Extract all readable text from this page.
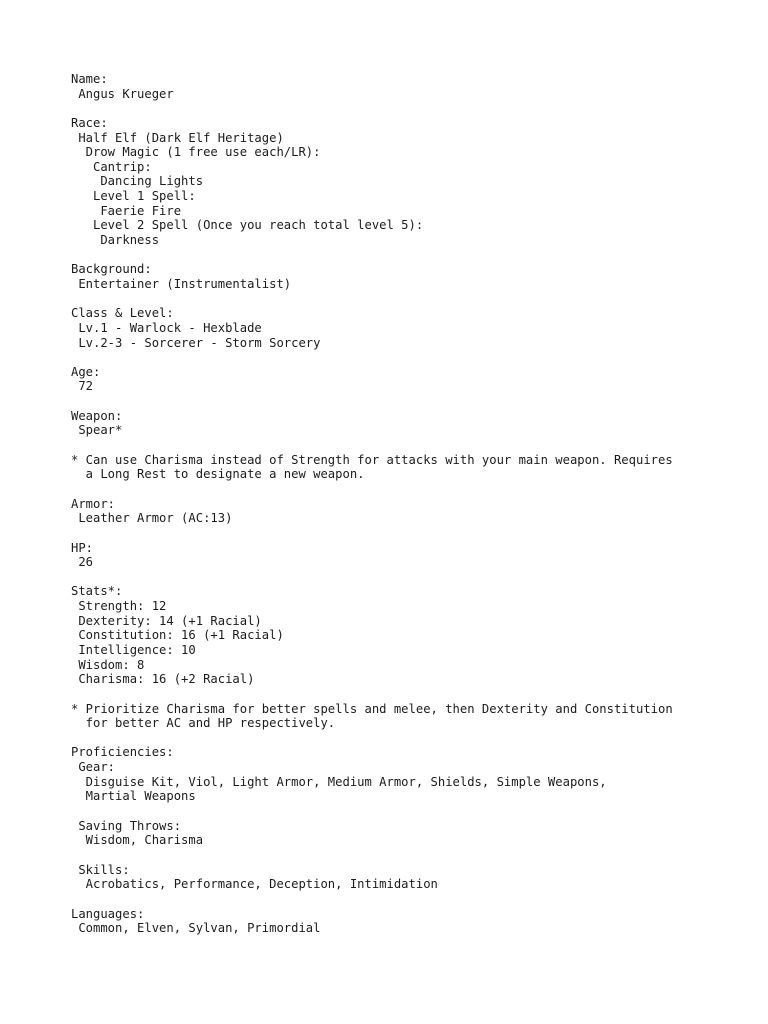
Name:
Angus Krueger
Race:
Half Elf (Dark Elf Heritage)
Drow Magic (1 free use each/LR):
Cantrip:
Dancing Lights
Level 1 Spell:
Faerie Fire
Level 2 Spell (Once you reach total level 5):
Darkness
Background:
Entertainer (Instrumentalist)
Class & Level:
Lv.1 - Warlock - Hexblade
Lv.2-3 - Sorcerer - Storm Sorcery
Age:
72
Weapon:
Spear*
* Can use Charisma instead of Strength for attacks with your main weapon. Requires
a Long Rest to designate a new weapon.
Armor:
Leather Armor (AC:13)
HP:
26
Stats*:
Strength: 12
Dexterity: 14 (+1 Racial)
Constitution: 16 (+1 Racial)
Intelligence: 10
Wisdom: 8
Charisma: 16 (+2 Racial)
* Prioritize Charisma for better spells and melee, then Dexterity and Constitution
for better AC and HP respectively.
Proficiencies:
Gear:
Disguise Kit, Viol, Light Armor, Medium Armor, Shields, Simple Weapons,
Martial Weapons
Saving Throws:
Wisdom, Charisma
Skills:
Acrobatics, Performance, Deception, Intimidation
Languages:
Common, Elven, Sylvan, Primordial
